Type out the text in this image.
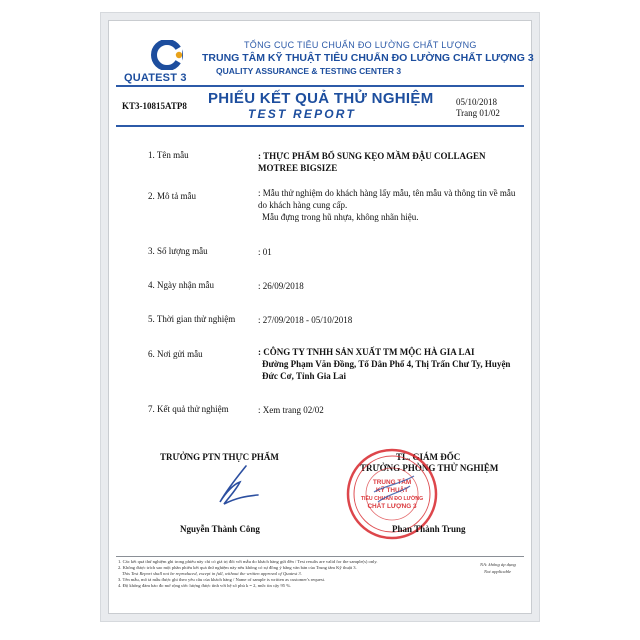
QUATEST 3
TỔNG CỤC TIÊU CHUẨN ĐO LƯỜNG CHẤT LƯỢNG
TRUNG TÂM KỸ THUẬT TIÊU CHUẨN ĐO LƯỜNG CHẤT LƯỢNG 3
QUALITY ASSURANCE & TESTING CENTER 3
KT3-10815ATP8 PHIẾU KẾT QUẢ THỬ NGHIỆM
TEST REPORT
05/10/2018
Trang 01/02
1. Tên mẫu	: THỰC PHẨM BỔ SUNG KẸO MẦM ĐẬU COLLAGEN MOTREE BIGSIZE
2. Mô tả mẫu	: Mẫu thử nghiệm do khách hàng lấy mẫu, tên mẫu và thông tin về mẫu do khách hàng cung cấp.
Mẫu đựng trong hũ nhựa, không nhãn hiệu.
3. Số lượng mẫu	: 01
4. Ngày nhận mẫu	: 26/09/2018
5. Thời gian thử nghiệm	: 27/09/2018 - 05/10/2018
6. Nơi gửi mẫu	: CÔNG TY TNHH SẢN XUẤT TM MỘC HÀ GIA LAI
Đường Phạm Văn Đồng, Tổ Dân Phố 4, Thị Trấn Chư Ty, Huyện Đức Cơ, Tỉnh Gia Lai
7. Kết quả thử nghiệm	: Xem trang 02/02
TRƯỞNG PTN THỰC PHẨM	TL. GIÁM ĐỐC
TRƯỞNG PHÒNG THỬ NGHIỆM
TRUNG TÂM
KỸ THUẬT
TIÊU CHUẨN ĐO LƯỜNG
CHẤT LƯỢNG 3
Nguyễn Thành Công	Phan Thành Trung
1. Các kết quả thử nghiệm ghi trong phiếu này chỉ có giá trị đối với mẫu do khách hàng gửi đến / Test results are valid for the sample(s) only.
2. Không được trích sao một phần phiếu kết quả thử nghiệm này nếu không có sự đồng ý bằng văn bản của Trung tâm Kỹ thuật 3.
This Test Report shall not be reproduced, except in full, without the written approval of Quatest 3.
3. Tên mẫu, mô tả mẫu được ghi theo yêu cầu của khách hàng / Name of sample is written as customer's request.
4. Độ không đảm bảo đo mở rộng ước lượng được tính với hệ số phủ k = 2, mức tin cậy 95 %.
NA: không áp dụng
Not applicable
